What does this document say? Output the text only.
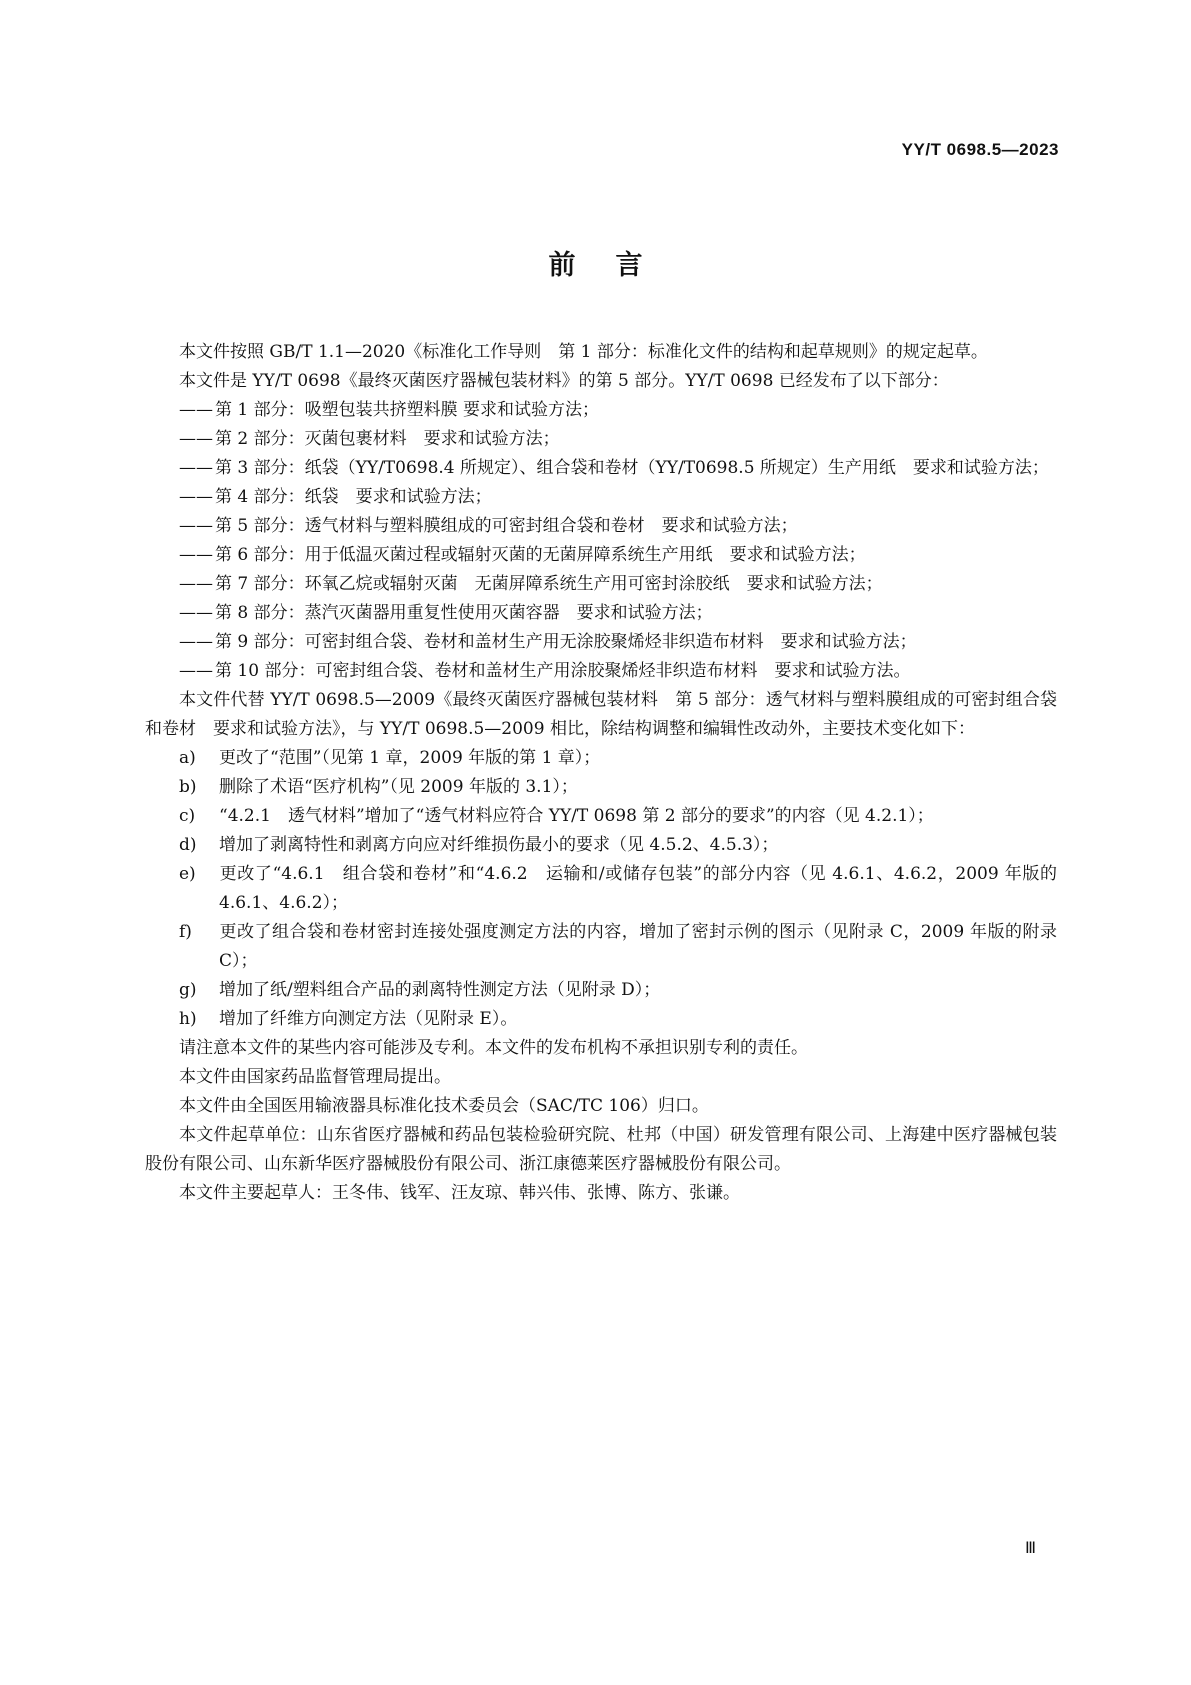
YY/T 0698.5—2023
前言

本文件按照 GB/T 1.1—2020《标准化工作导则　第 1 部分：标准化文件的结构和起草规则》的规定起草。

本文件是 YY/T 0698《最终灭菌医疗器械包装材料》的第 5 部分。YY/T 0698 已经发布了以下部分：

—— 第 1 部分：吸塑包装共挤塑料膜 要求和试验方法；

—— 第 2 部分：灭菌包裹材料　要求和试验方法；

—— 第 3 部分：纸袋（YY/T0698.4 所规定）、组合袋和卷材（YY/T0698.5 所规定）生产用纸　要求和试验方法；

—— 第 4 部分：纸袋　要求和试验方法；

—— 第 5 部分：透气材料与塑料膜组成的可密封组合袋和卷材　要求和试验方法；

—— 第 6 部分：用于低温灭菌过程或辐射灭菌的无菌屏障系统生产用纸　要求和试验方法；

—— 第 7 部分：环氧乙烷或辐射灭菌　无菌屏障系统生产用可密封涂胶纸　要求和试验方法；

—— 第 8 部分：蒸汽灭菌器用重复性使用灭菌容器　要求和试验方法；

—— 第 9 部分：可密封组合袋、卷材和盖材生产用无涂胶聚烯烃非织造布材料　要求和试验方法；

—— 第 10 部分：可密封组合袋、卷材和盖材生产用涂胶聚烯烃非织造布材料　要求和试验方法。

本文件代替 YY/T 0698.5—2009《最终灭菌医疗器械包装材料　第 5 部分：透气材料与塑料膜组成的可密封组合袋和卷材　要求和试验方法》，与 YY/T 0698.5—2009 相比，除结构调整和编辑性改动外，主要技术变化如下：

a) 更改了“范围”（见第 1 章，2009 年版的第 1 章）；

b) 删除了术语“医疗机构”（见 2009 年版的 3.1）；

c) “4.2.1　透气材料”增加了“透气材料应符合 YY/T 0698 第 2 部分的要求”的内容（见 4.2.1）；

d) 增加了剥离特性和剥离方向应对纤维损伤最小的要求（见 4.5.2、4.5.3）；

e) 更改了“4.6.1　组合袋和卷材”和“4.6.2　运输和/或储存包装”的部分内容（见 4.6.1、4.6.2，2009 年版的 4.6.1、4.6.2）；

f) 更改了组合袋和卷材密封连接处强度测定方法的内容，增加了密封示例的图示（见附录 C，2009 年版的附录 C）；

g) 增加了纸/塑料组合产品的剥离特性测定方法（见附录 D）；

h) 增加了纤维方向测定方法（见附录 E）。

请注意本文件的某些内容可能涉及专利。本文件的发布机构不承担识别专利的责任。

本文件由国家药品监督管理局提出。

本文件由全国医用输液器具标准化技术委员会（SAC/TC 106）归口。

本文件起草单位：山东省医疗器械和药品包装检验研究院、杜邦（中国）研发管理有限公司、上海建中医疗器械包装股份有限公司、山东新华医疗器械股份有限公司、浙江康德莱医疗器械股份有限公司。

本文件主要起草人：王冬伟、钱军、汪友琼、韩兴伟、张博、陈方、张谦。

Ⅲ
